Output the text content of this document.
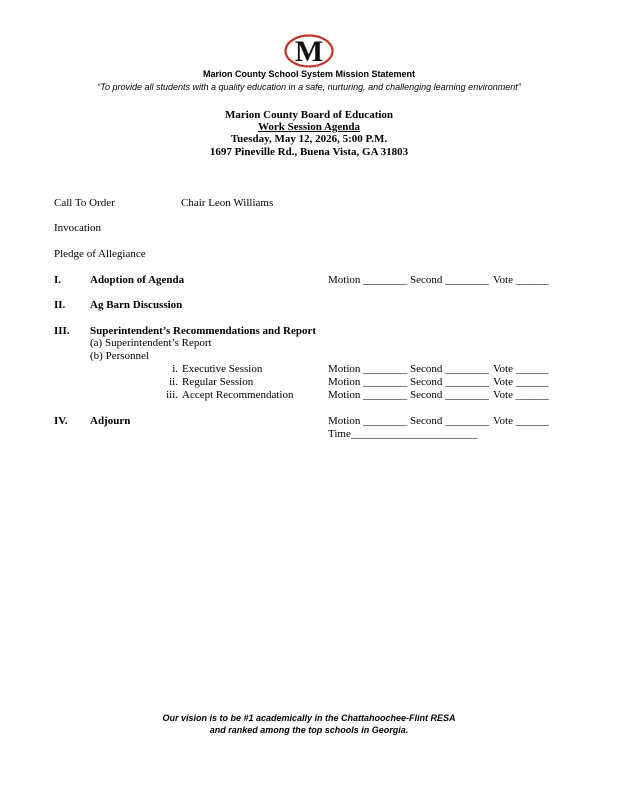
M
Marion County School System Mission Statement
“To provide all students with a quality education in a safe, nurturing, and challenging learning environment”
Marion County Board of Education
Work Session Agenda
Tuesday, May 12, 2026, 5:00 P.M.
1697 Pineville Rd., Buena Vista, GA 31803
Call To Order	Chair Leon Williams
Invocation
Pledge of Allegiance
I.	Adoption of Agenda	Motion ________ Second ________ Vote ______
II. Ag Barn Discussion
III. Superintendent’s Recommendations and Report
(a) Superintendent’s Report
(b) Personnel
i. Executive Session	Motion ________ Second ________ Vote ______
ii. Regular Session	Motion ________ Second ________ Vote ______
iii. Accept Recommendation	Motion ________ Second ________ Vote ______
IV. Adjourn	Motion ________ Second ________ Vote ______
Time_______________________
Our vision is to be #1 academically in the Chattahoochee-Flint RESA
and ranked among the top schools in Georgia.
